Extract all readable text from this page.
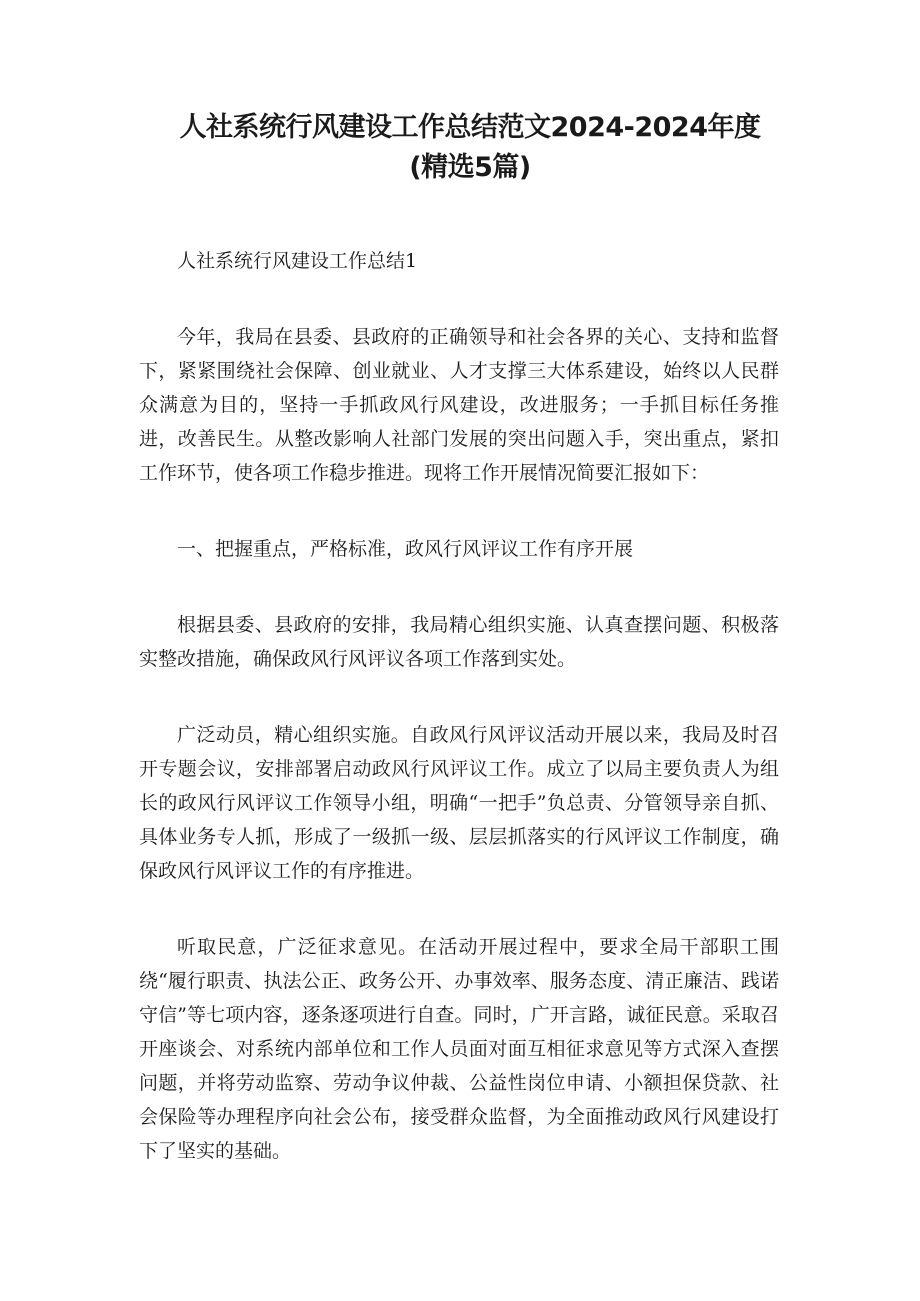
人社系统行风建设工作总结范文2024-2024年度(精选5篇)

人社系统行风建设工作总结1

今年，我局在县委、县政府的正确领导和社会各界的关心、支持和监督下，紧紧围绕社会保障、创业就业、人才支撑三大体系建设，始终以人民群众满意为目的，坚持一手抓政风行风建设，改进服务；一手抓目标任务推进，改善民生。从整改影响人社部门发展的突出问题入手，突出重点，紧扣工作环节，使各项工作稳步推进。现将工作开展情况简要汇报如下：

一、把握重点，严格标准，政风行风评议工作有序开展

根据县委、县政府的安排，我局精心组织实施、认真查摆问题、积极落实整改措施，确保政风行风评议各项工作落到实处。

广泛动员，精心组织实施。自政风行风评议活动开展以来，我局及时召开专题会议，安排部署启动政风行风评议工作。成立了以局主要负责人为组长的政风行风评议工作领导小组，明确“一把手”负总责、分管领导亲自抓、具体业务专人抓，形成了一级抓一级、层层抓落实的行风评议工作制度，确保政风行风评议工作的有序推进。

听取民意，广泛征求意见。在活动开展过程中，要求全局干部职工围绕“履行职责、执法公正、政务公开、办事效率、服务态度、清正廉洁、践诺守信”等七项内容，逐条逐项进行自查。同时，广开言路，诚征民意。采取召开座谈会、对系统内部单位和工作人员面对面互相征求意见等方式深入查摆问题，并将劳动监察、劳动争议仲裁、公益性岗位申请、小额担保贷款、社会保险等办理程序向社会公布，接受群众监督，为全面推动政风行风建设打下了坚实的基础。
